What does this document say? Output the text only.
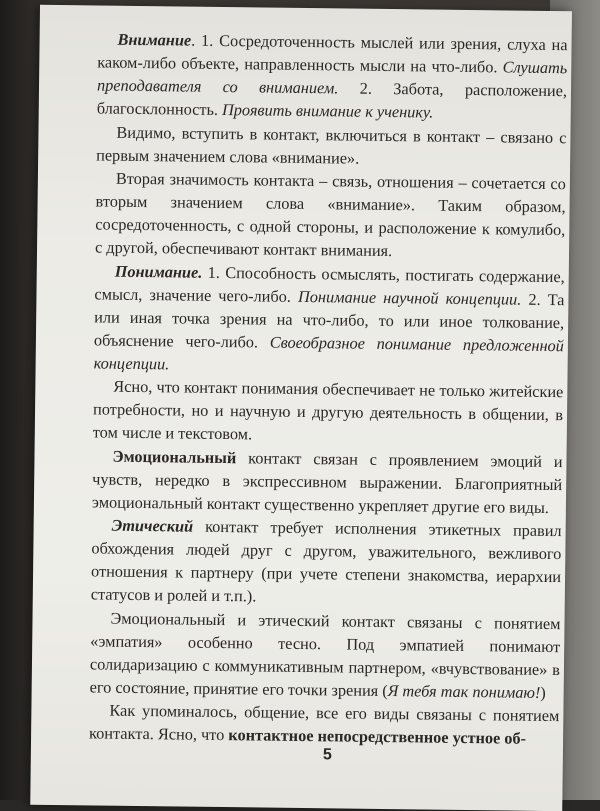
Внимание. 1. Сосредоточенность мыслей или зрения, слуха на каком-либо объекте, направленность мысли на что-либо. Слушать преподавателя со вниманием. 2. Забота, расположение, благосклонность. Проявить внимание к ученику.

Видимо, вступить в контакт, включиться в контакт – связано с первым значением слова «внимание».

Вторая значимость контакта – связь, отношения – сочетается со вторым значением слова «внимание». Таким образом, сосредоточенность, с одной стороны, и расположение к комулибо, с другой, обеспечивают контакт внимания.

Понимание. 1. Способность осмыслять, постигать содержание, смысл, значение чего-либо. Понимание научной концепции. 2. Та или иная точка зрения на что-либо, то или иное толкование, объяснение чего-либо. Своеобразное понимание предложенной концепции.

Ясно, что контакт понимания обеспечивает не только житейские потребности, но и научную и другую деятельность в общении, в том числе и текстовом.

Эмоциональный контакт связан с проявлением эмоций и чувств, нередко в экспрессивном выражении. Благоприятный эмоциональный контакт существенно укрепляет другие его виды.

Этический контакт требует исполнения этикетных правил обхождения людей друг с другом, уважительного, вежливого отношения к партнеру (при учете степени знакомства, иерархии статусов и ролей и т.п.).

Эмоциональный и этический контакт связаны с понятием «эмпатия» особенно тесно. Под эмпатией понимают солидаризацию с коммуникативным партнером, «вчувствование» в его состояние, принятие его точки зрения (Я тебя так понимаю!)

Как упоминалось, общение, все его виды связаны с понятием контакта. Ясно, что контактное непосредственное устное об-

5
